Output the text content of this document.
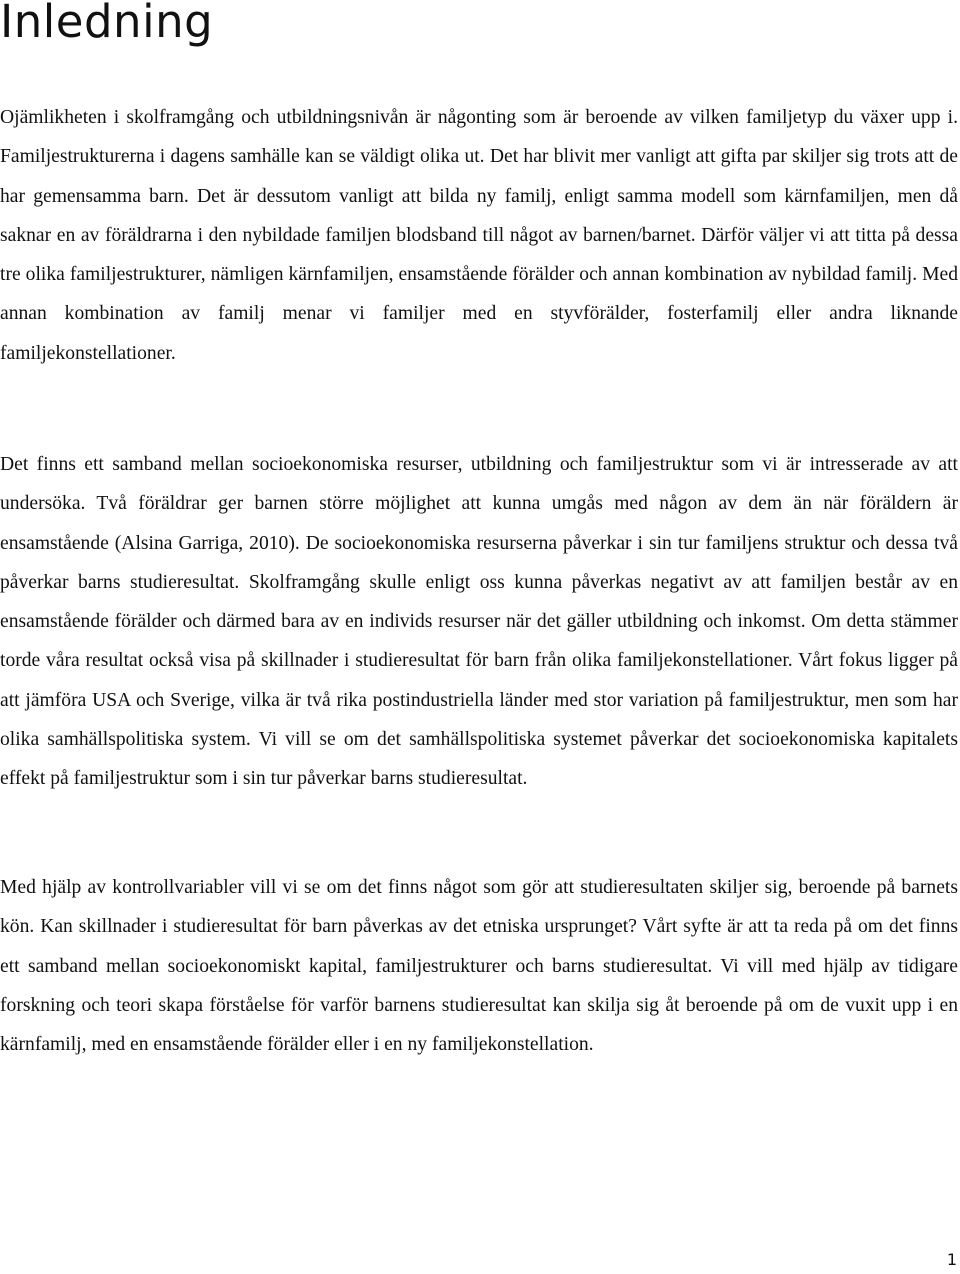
Inledning

Ojämlikheten i skolframgång och utbildningsnivån är någonting som är beroende av vilken familjetyp du växer upp i. Familjestrukturerna i dagens samhälle kan se väldigt olika ut. Det har blivit mer vanligt att gifta par skiljer sig trots att de har gemensamma barn. Det är dessutom vanligt att bilda ny familj, enligt samma modell som kärnfamiljen, men då saknar en av föräldrarna i den nybildade familjen blodsband till något av barnen/barnet. Därför väljer vi att titta på dessa tre olika familjestrukturer, nämligen kärnfamiljen, ensamstående förälder och annan kombination av nybildad familj. Med annan kombination av familj menar vi familjer med en styvförälder, fosterfamilj eller andra liknande familjekonstellationer.

Det finns ett samband mellan socioekonomiska resurser, utbildning och familjestruktur som vi är intresserade av att undersöka. Två föräldrar ger barnen större möjlighet att kunna umgås med någon av dem än när föräldern är ensamstående (Alsina Garriga, 2010). De socioekonomiska resurserna påverkar i sin tur familjens struktur och dessa två påverkar barns studieresultat. Skolframgång skulle enligt oss kunna påverkas negativt av att familjen består av en ensamstående förälder och därmed bara av en individs resurser när det gäller utbildning och inkomst. Om detta stämmer torde våra resultat också visa på skillnader i studieresultat för barn från olika familjekonstellationer. Vårt fokus ligger på att jämföra USA och Sverige, vilka är två rika postindustriella länder med stor variation på familjestruktur, men som har olika samhällspolitiska system. Vi vill se om det samhällspolitiska systemet påverkar det socioekonomiska kapitalets effekt på familjestruktur som i sin tur påverkar barns studieresultat.

Med hjälp av kontrollvariabler vill vi se om det finns något som gör att studieresultaten skiljer sig, beroende på barnets kön. Kan skillnader i studieresultat för barn påverkas av det etniska ursprunget? Vårt syfte är att ta reda på om det finns ett samband mellan socioekonomiskt kapital, familjestrukturer och barns studieresultat. Vi vill med hjälp av tidigare forskning och teori skapa förståelse för varför barnens studieresultat kan skilja sig åt beroende på om de vuxit upp i en kärnfamilj, med en ensamstående förälder eller i en ny familjekonstellation.

1
